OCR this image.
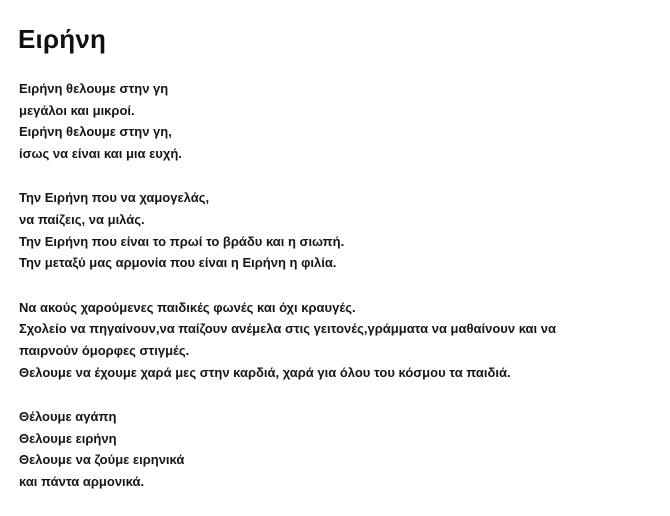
Ειρήνη
Ειρήνη θελουμε στην γη
μεγάλοι και μικροί.
Ειρήνη θελουμε στην γη,
ίσως να είναι και μια ευχή.
Την Ειρήνη που να χαμογελάς,
να παίζεις, να μιλάς.
Την Ειρήνη που είναι το πρωί το βράδυ και η σιωπή.
Την μεταξύ μας αρμονία που είναι η Ειρήνη η φιλία.
Να ακούς χαρούμενες παιδικές φωνές και όχι κραυγές.
Σχολείο να πηγαίνουν,να παίζουν ανέμελα στις γειτονές,γράμματα να μαθαίνουν και να
παιρνούν όμορφες στιγμές.
Θελουμε να έχουμε χαρά μες στην καρδιά, χαρά για όλου του κόσμου τα παιδιά.
Θέλουμε αγάπη
Θελουμε ειρήνη
Θελουμε να ζούμε ειρηνικά
και πάντα αρμονικά.
